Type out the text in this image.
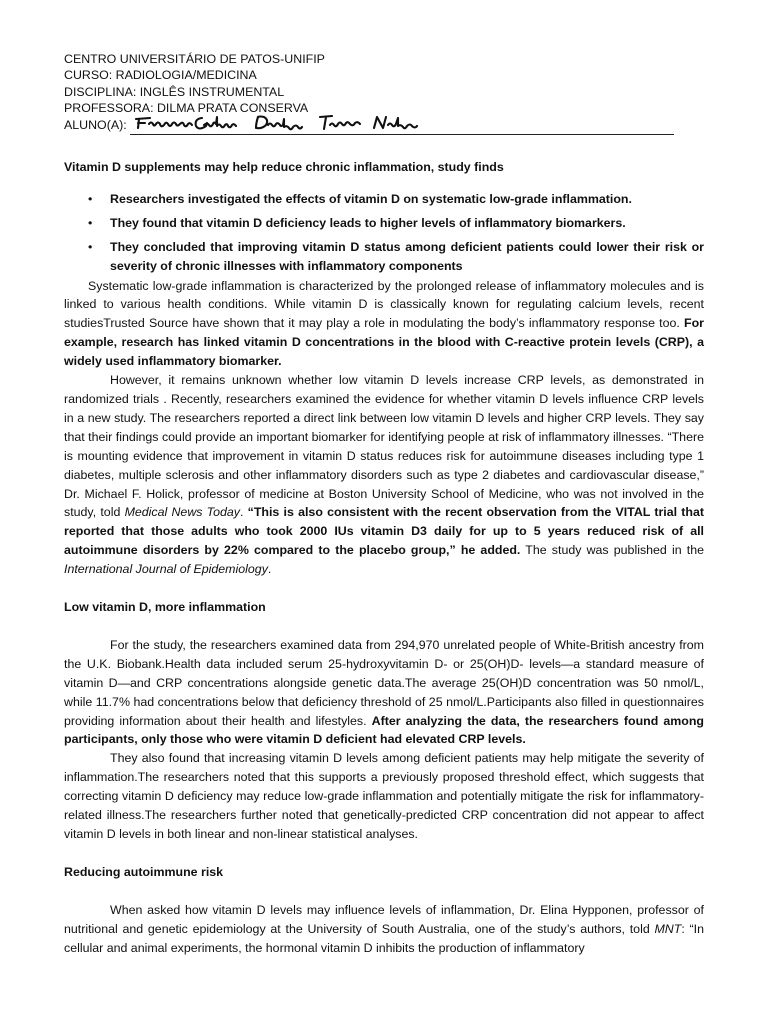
CENTRO UNIVERSITÁRIO DE PATOS-UNIFIP
CURSO: RADIOLOGIA/MEDICINA
DISCIPLINA: INGLÊS INSTRUMENTAL
PROFESSORA: DILMA PRATA CONSERVA
ALUNO(A):
Vitamin D supplements may help reduce chronic inflammation, study finds
• Researchers investigated the effects of vitamin D on systematic low-grade inflammation.
• They found that vitamin D deficiency leads to higher levels of inflammatory biomarkers.
• They concluded that improving vitamin D status among deficient patients could lower their risk or severity of chronic illnesses with inflammatory components

Systematic low-grade inflammation is characterized by the prolonged release of inflammatory molecules and is linked to various health conditions. While vitamin D is classically known for regulating calcium levels, recent studiesTrusted Source have shown that it may play a role in modulating the body’s inflammatory response too. For example, research has linked vitamin D concentrations in the blood with C-reactive protein levels (CRP), a widely used inflammatory biomarker.

However, it remains unknown whether low vitamin D levels increase CRP levels, as demonstrated in randomized trials . Recently, researchers examined the evidence for whether vitamin D levels influence CRP levels in a new study. The researchers reported a direct link between low vitamin D levels and higher CRP levels. They say that their findings could provide an important biomarker for identifying people at risk of inflammatory illnesses. “There is mounting evidence that improvement in vitamin D status reduces risk for autoimmune diseases including type 1 diabetes, multiple sclerosis and other inflammatory disorders such as type 2 diabetes and cardiovascular disease,” Dr. Michael F. Holick, professor of medicine at Boston University School of Medicine, who was not involved in the study, told Medical News Today. “This is also consistent with the recent observation from the VITAL trial that reported that those adults who took 2000 IUs vitamin D3 daily for up to 5 years reduced risk of all autoimmune disorders by 22% compared to the placebo group,” he added. The study was published in the International Journal of Epidemiology.

Low vitamin D, more inflammation

For the study, the researchers examined data from 294,970 unrelated people of White-British ancestry from the U.K. Biobank.Health data included serum 25-hydroxyvitamin D- or 25(OH)D- levels—a standard measure of vitamin D—and CRP concentrations alongside genetic data.The average 25(OH)D concentration was 50 nmol/L, while 11.7% had concentrations below that deficiency threshold of 25 nmol/L.Participants also filled in questionnaires providing information about their health and lifestyles. After analyzing the data, the researchers found among participants, only those who were vitamin D deficient had elevated CRP levels.

They also found that increasing vitamin D levels among deficient patients may help mitigate the severity of inflammation.The researchers noted that this supports a previously proposed threshold effect, which suggests that correcting vitamin D deficiency may reduce low-grade inflammation and potentially mitigate the risk for inflammatory-related illness.The researchers further noted that genetically-predicted CRP concentration did not appear to affect vitamin D levels in both linear and non-linear statistical analyses.

Reducing autoimmune risk

When asked how vitamin D levels may influence levels of inflammation, Dr. Elina Hypponen, professor of nutritional and genetic epidemiology at the University of South Australia, one of the study’s authors, told MNT: “In cellular and animal experiments, the hormonal vitamin D inhibits the production of inflammatory
